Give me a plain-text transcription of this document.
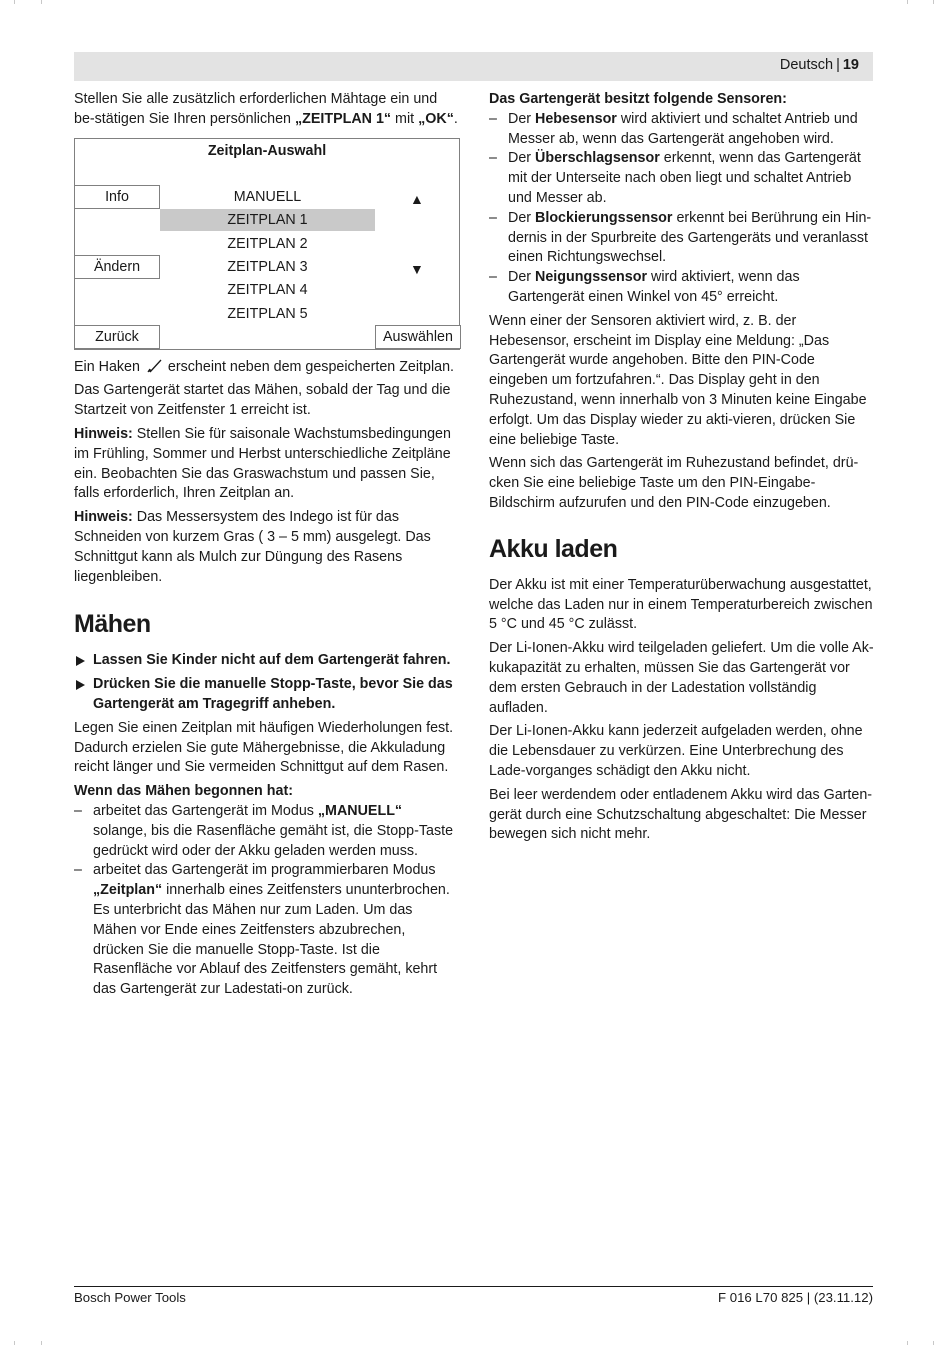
Deutsch | 19

Stellen Sie alle zusätzlich erforderlichen Mähtage ein und be-stätigen Sie Ihren persönlichen „ZEITPLAN 1“ mit „OK“.

Zeitplan-Auswahl
Info
Ändern
Zurück	Auswählen
MANUELL
ZEITPLAN 1
ZEITPLAN 2
ZEITPLAN 3
ZEITPLAN 4
ZEITPLAN 5
▲
▼

Ein Haken  erscheint neben dem gespeicherten Zeitplan.

Das Gartengerät startet das Mähen, sobald der Tag und die Startzeit von Zeitfenster 1 erreicht ist.

Hinweis: Stellen Sie für saisonale Wachstumsbedingungen im Frühling, Sommer und Herbst unterschiedliche Zeitpläne ein. Beobachten Sie das Graswachstum und passen Sie, falls erforderlich, Ihren Zeitplan an.

Hinweis: Das Messersystem des Indego ist für das Schneiden von kurzem Gras ( 3 – 5 mm) ausgelegt. Das Schnittgut kann als Mulch zur Düngung des Rasens liegenbleiben.

Mähen
Lassen Sie Kinder nicht auf dem Gartengerät fahren.
Drücken Sie die manuelle Stopp-Taste, bevor Sie das Gartengerät am Tragegriff anheben.

Legen Sie einen Zeitplan mit häufigen Wiederholungen fest. Dadurch erzielen Sie gute Mähergebnisse, die Akkuladung reicht länger und Sie vermeiden Schnittgut auf dem Rasen.

Wenn das Mähen begonnen hat:

– arbeitet das Gartengerät im Modus „MANUELL“ solange, bis die Rasenfläche gemäht ist, die Stopp-Taste gedrückt wird oder der Akku geladen werden muss.

– arbeitet das Gartengerät im programmierbaren Modus „Zeitplan“ innerhalb eines Zeitfensters ununterbrochen. Es unterbricht das Mähen nur zum Laden. Um das Mähen vor Ende eines Zeitfensters abzubrechen, drücken Sie die manuelle Stopp-Taste. Ist die Rasenfläche vor Ablauf des Zeitfensters gemäht, kehrt das Gartengerät zur Ladestati-on zurück.

Das Gartengerät besitzt folgende Sensoren:

– Der Hebesensor wird aktiviert und schaltet Antrieb und Messer ab, wenn das Gartengerät angehoben wird.

– Der Überschlagsensor erkennt, wenn das Gartengerät mit der Unterseite nach oben liegt und schaltet Antrieb und Messer ab.

– Der Blockierungssensor erkennt bei Berührung ein Hin-dernis in der Spurbreite des Gartengeräts und veranlasst einen Richtungswechsel.

– Der Neigungssensor wird aktiviert, wenn das Gartengerät einen Winkel von 45° erreicht.

Wenn einer der Sensoren aktiviert wird, z. B. der Hebesensor, erscheint im Display eine Meldung: „Das Gartengerät wurde angehoben. Bitte den PIN-Code eingeben um fortzufahren.“. Das Display geht in den Ruhezustand, wenn innerhalb von 3 Minuten keine Eingabe erfolgt. Um das Display wieder zu akti-vieren, drücken Sie eine beliebige Taste.

Wenn sich das Gartengerät im Ruhezustand befindet, drü-cken Sie eine beliebige Taste um den PIN-Eingabe-Bildschirm aufzurufen und den PIN-Code einzugeben.

Akku laden

Der Akku ist mit einer Temperaturüberwachung ausgestattet, welche das Laden nur in einem Temperaturbereich zwischen 5 °C und 45 °C zulässt.

Der Li-Ionen-Akku wird teilgeladen geliefert. Um die volle Ak-kukapazität zu erhalten, müssen Sie das Gartengerät vor dem ersten Gebrauch in der Ladestation vollständig aufladen.

Der Li-Ionen-Akku kann jederzeit aufgeladen werden, ohne die Lebensdauer zu verkürzen. Eine Unterbrechung des Lade-vorganges schädigt den Akku nicht.

Bei leer werdendem oder entladenem Akku wird das Garten-gerät durch eine Schutzschaltung abgeschaltet: Die Messer bewegen sich nicht mehr.

Bosch Power Tools	F 016 L70 825 | (23.11.12)
